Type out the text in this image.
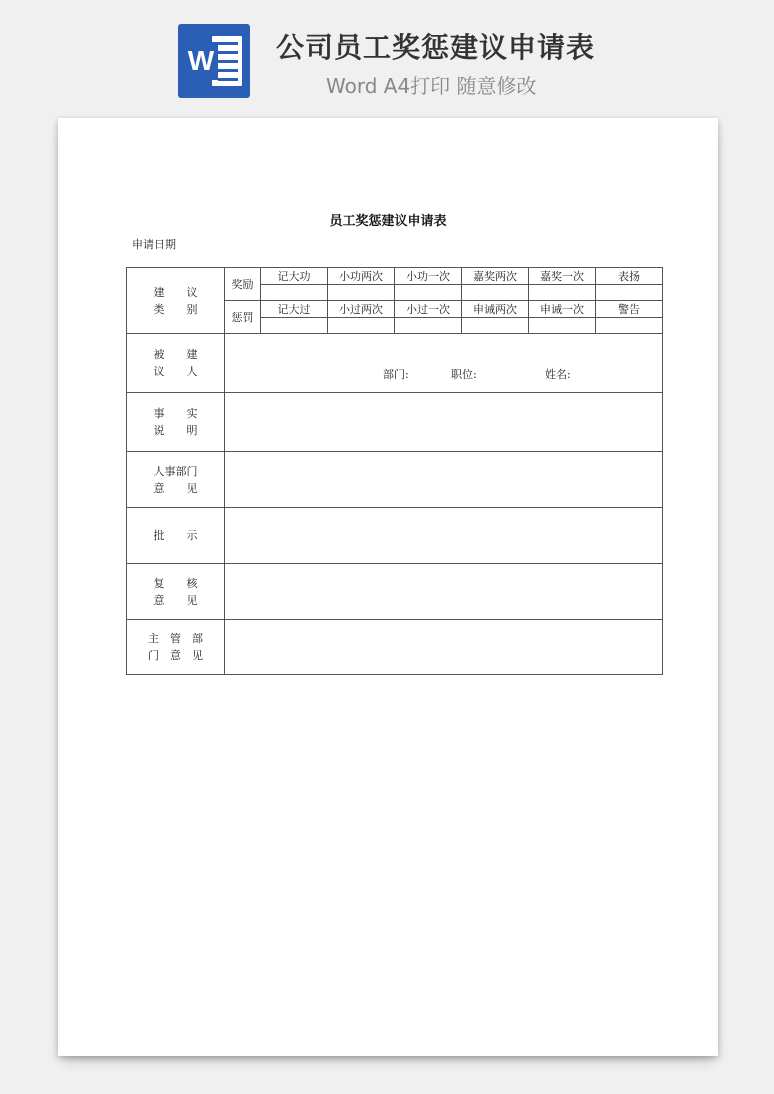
W 公司员工奖惩建议申请表
Word A4打印 随意修改
员工奖惩建议申请表
申请日期
建　　议
类　　别	奖励	记大功	小功两次	小功一次	嘉奖两次	嘉奖一次	表扬

	惩罚	记大过	小过两次	小过一次	申诫两次	申诫一次	警告

被　　建
议　　人	部门: 职位: 姓名:						

事　　实
说　　明							

人事部门
意　　见							

批　　示							

复　　核
意　　见							

主　管　部
门　意　见							
